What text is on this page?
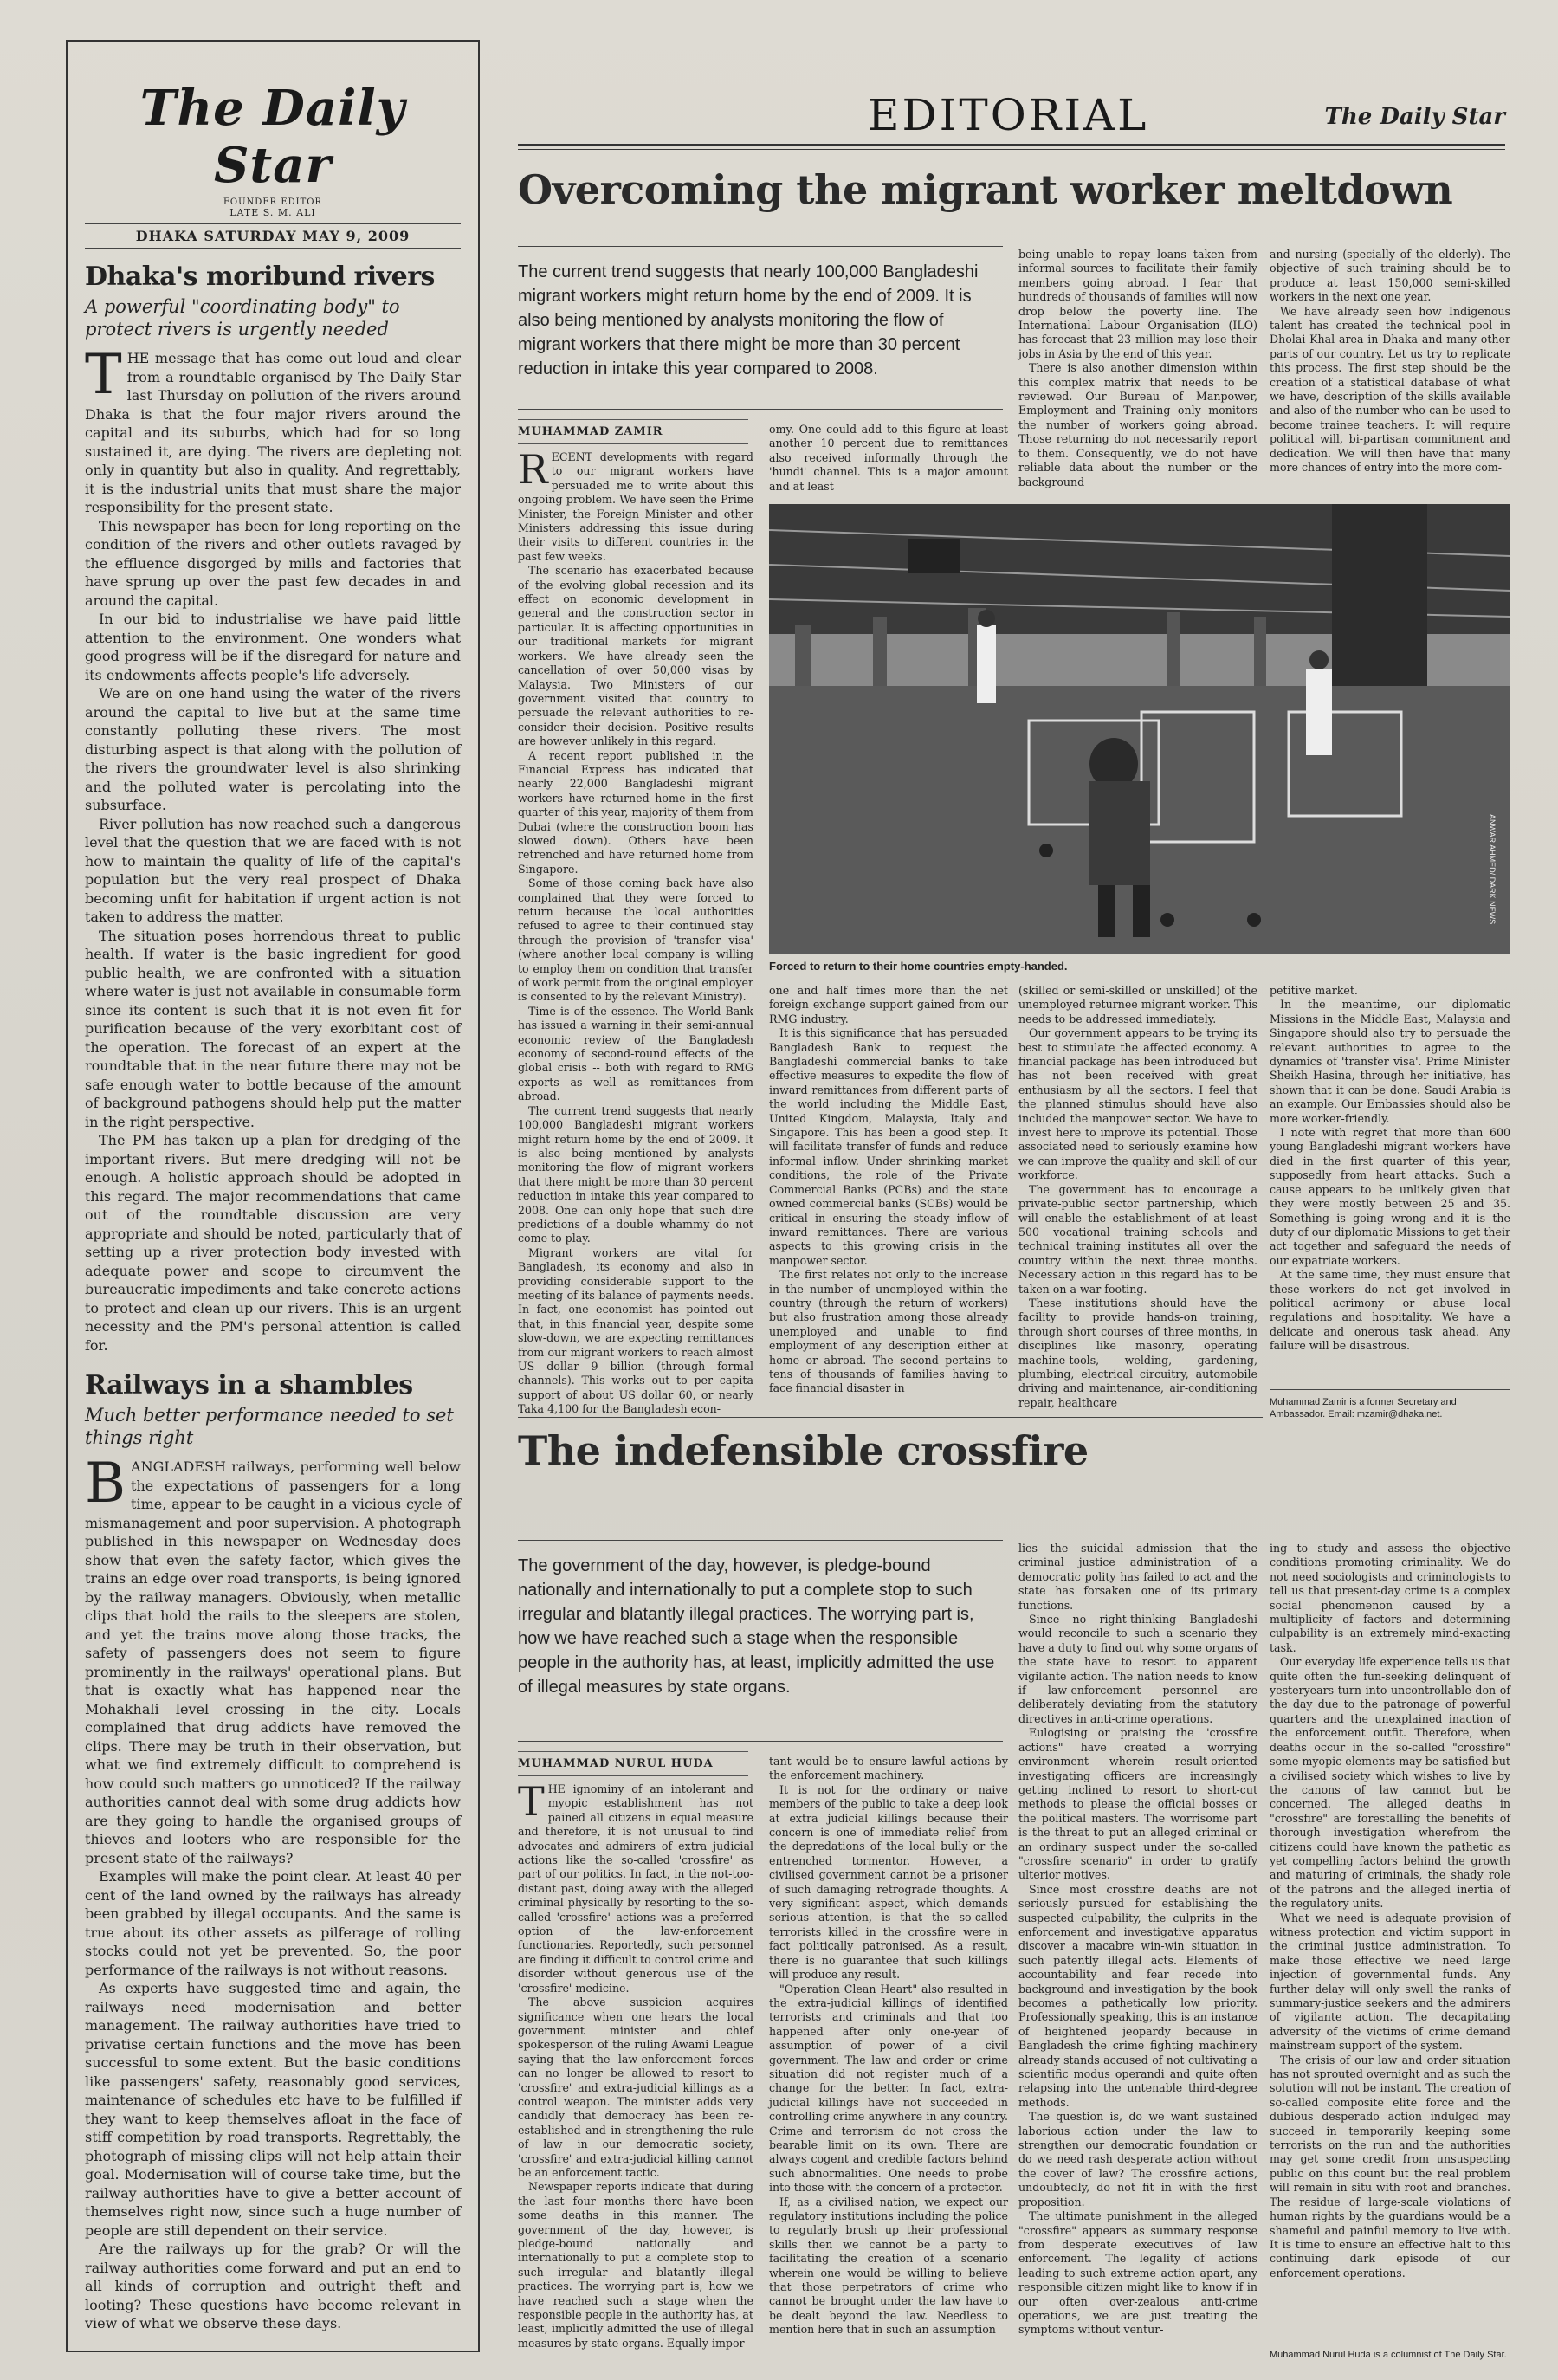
The Daily Star
FOUNDER EDITOR
LATE S. M. ALI
DHAKA SATURDAY MAY 9, 2009
Dhaka's moribund rivers
A powerful "coordinating body" to protect rivers is urgently needed

THE message that has come out loud and clear from a roundtable organised by The Daily Star last Thursday on pollution of the rivers around Dhaka is that the four major rivers around the capital and its suburbs, which had for so long sustained it, are dying. The rivers are depleting not only in quantity but also in quality. And regrettably, it is the industrial units that must share the major responsibility for the present state.

This newspaper has been for long reporting on the condition of the rivers and other outlets ravaged by the effluence disgorged by mills and factories that have sprung up over the past few decades in and around the capital.

In our bid to industrialise we have paid little attention to the environment. One wonders what good progress will be if the disregard for nature and its endowments affects people's life adversely.

We are on one hand using the water of the rivers around the capital to live but at the same time constantly polluting these rivers. The most disturbing aspect is that along with the pollution of the rivers the groundwater level is also shrinking and the polluted water is percolating into the subsurface.

River pollution has now reached such a dangerous level that the question that we are faced with is not how to maintain the quality of life of the capital's population but the very real prospect of Dhaka becoming unfit for habitation if urgent action is not taken to address the matter.

The situation poses horrendous threat to public health. If water is the basic ingredient for good public health, we are confronted with a situation where water is just not available in consumable form since its content is such that it is not even fit for purification because of the very exorbitant cost of the operation. The forecast of an expert at the roundtable that in the near future there may not be safe enough water to bottle because of the amount of background pathogens should help put the matter in the right perspective.

The PM has taken up a plan for dredging of the important rivers. But mere dredging will not be enough. A holistic approach should be adopted in this regard. The major recommendations that came out of the roundtable discussion are very appropriate and should be noted, particularly that of setting up a river protection body invested with adequate power and scope to circumvent the bureaucratic impediments and take concrete actions to protect and clean up our rivers. This is an urgent necessity and the PM's personal attention is called for.

Railways in a shambles
Much better performance needed to set things right

BANGLADESH railways, performing well below the expectations of passengers for a long time, appear to be caught in a vicious cycle of mismanagement and poor supervision. A photograph published in this newspaper on Wednesday does show that even the safety factor, which gives the trains an edge over road transports, is being ignored by the railway managers. Obviously, when metallic clips that hold the rails to the sleepers are stolen, and yet the trains move along those tracks, the safety of passengers does not seem to figure prominently in the railways' operational plans. But that is exactly what has happened near the Mohakhali level crossing in the city. Locals complained that drug addicts have removed the clips. There may be truth in their observation, but what we find extremely difficult to comprehend is how could such matters go unnoticed? If the railway authorities cannot deal with some drug addicts how are they going to handle the organised groups of thieves and looters who are responsible for the present state of the railways?

Examples will make the point clear. At least 40 per cent of the land owned by the railways has already been grabbed by illegal occupants. And the same is true about its other assets as pilferage of rolling stocks could not yet be prevented. So, the poor performance of the railways is not without reasons.

As experts have suggested time and again, the railways need modernisation and better management. The railway authorities have tried to privatise certain functions and the move has been successful to some extent. But the basic conditions like passengers' safety, reasonably good services, maintenance of schedules etc have to be fulfilled if they want to keep themselves afloat in the face of stiff competition by road transports. Regrettably, the photograph of missing clips will not help attain their goal. Modernisation will of course take time, but the railway authorities have to give a better account of themselves right now, since such a huge number of people are still dependent on their service.

Are the railways up for the grab? Or will the railway authorities come forward and put an end to all kinds of corruption and outright theft and looting? These questions have become relevant in view of what we observe these days.

EDITORIAL	The Daily Star
Overcoming the migrant worker meltdown
The current trend suggests that nearly 100,000 Bangladeshi migrant workers might return home by the end of 2009. It is also being mentioned by analysts monitoring the flow of migrant workers that there might be more than 30 percent reduction in intake this year compared to 2008.
MUHAMMAD ZAMIR

RECENT developments with regard to our migrant workers have persuaded me to write about this ongoing problem. We have seen the Prime Minister, the Foreign Minister and other Ministers addressing this issue during their visits to different countries in the past few weeks.

The scenario has exacerbated because of the evolving global recession and its effect on economic development in general and the construction sector in particular. It is affecting opportunities in our traditional markets for migrant workers. We have already seen the cancellation of over 50,000 visas by Malaysia. Two Ministers of our government visited that country to persuade the relevant authorities to re-consider their decision. Positive results are however unlikely in this regard.

A recent report published in the Financial Express has indicated that nearly 22,000 Bangladeshi migrant workers have returned home in the first quarter of this year, majority of them from Dubai (where the construction boom has slowed down). Others have been retrenched and have returned home from Singapore.

Some of those coming back have also complained that they were forced to return because the local authorities refused to agree to their continued stay through the provision of 'transfer visa' (where another local company is willing to employ them on condition that transfer of work permit from the original employer is consented to by the relevant Ministry).

Time is of the essence. The World Bank has issued a warning in their semi-annual economic review of the Bangladesh economy of second-round effects of the global crisis -- both with regard to RMG exports as well as remittances from abroad.

The current trend suggests that nearly 100,000 Bangladeshi migrant workers might return home by the end of 2009. It is also being mentioned by analysts monitoring the flow of migrant workers that there might be more than 30 percent reduction in intake this year compared to 2008. One can only hope that such dire predictions of a double whammy do not come to play.

Migrant workers are vital for Bangladesh, its economy and also in providing considerable support to the meeting of its balance of payments needs. In fact, one economist has pointed out that, in this financial year, despite some slow-down, we are expecting remittances from our migrant workers to reach almost US dollar 9 billion (through formal channels). This works out to per capita support of about US dollar 60, or nearly Taka 4,100 for the Bangladesh econ-

omy. One could add to this figure at least another 10 percent due to remittances also received informally through the 'hundi' channel. This is a major amount and at least

being unable to repay loans taken from informal sources to facilitate their family members going abroad. I fear that hundreds of thousands of families will now drop below the poverty line. The International Labour Organisation (ILO) has forecast that 23 million may lose their jobs in Asia by the end of this year.

There is also another dimension within this complex matrix that needs to be reviewed. Our Bureau of Manpower, Employment and Training only monitors the number of workers going abroad. Those returning do not necessarily report to them. Consequently, we do not have reliable data about the number or the background

and nursing (specially of the elderly). The objective of such training should be to produce at least 150,000 semi-skilled workers in the next one year.

We have already seen how Indigenous talent has created the technical pool in Dholai Khal area in Dhaka and many other parts of our country. Let us try to replicate this process. The first step should be the creation of a statistical database of what we have, description of the skills available and also of the number who can be used to become trainee teachers. It will require political will, bi-partisan commitment and dedication. We will then have that many more chances of entry into the more com-

ANWAR AHMED/ DARK NEWS
Forced to return to their home countries empty-handed.

one and half times more than the net foreign exchange support gained from our RMG industry.

It is this significance that has persuaded Bangladesh Bank to request the Bangladeshi commercial banks to take effective measures to expedite the flow of inward remittances from different parts of the world including the Middle East, United Kingdom, Malaysia, Italy and Singapore. This has been a good step. It will facilitate transfer of funds and reduce informal inflow. Under shrinking market conditions, the role of the Private Commercial Banks (PCBs) and the state owned commercial banks (SCBs) would be critical in ensuring the steady inflow of inward remittances. There are various aspects to this growing crisis in the manpower sector.

The first relates not only to the increase in the number of unemployed within the country (through the return of workers) but also frustration among those already unemployed and unable to find employment of any description either at home or abroad. The second pertains to tens of thousands of families having to face financial disaster in

(skilled or semi-skilled or unskilled) of the unemployed returnee migrant worker. This needs to be addressed immediately.

Our government appears to be trying its best to stimulate the affected economy. A financial package has been introduced but has not been received with great enthusiasm by all the sectors. I feel that the planned stimulus should have also included the manpower sector. We have to invest here to improve its potential. Those associated need to seriously examine how we can improve the quality and skill of our workforce.

The government has to encourage a private-public sector partnership, which will enable the establishment of at least 500 vocational training schools and technical training institutes all over the country within the next three months. Necessary action in this regard has to be taken on a war footing.

These institutions should have the facility to provide hands-on training, through short courses of three months, in disciplines like masonry, operating machine-tools, welding, gardening, plumbing, electrical circuitry, automobile driving and maintenance, air-conditioning repair, healthcare

petitive market.

In the meantime, our diplomatic Missions in the Middle East, Malaysia and Singapore should also try to persuade the relevant authorities to agree to the dynamics of 'transfer visa'. Prime Minister Sheikh Hasina, through her initiative, has shown that it can be done. Saudi Arabia is an example. Our Embassies should also be more worker-friendly.

I note with regret that more than 600 young Bangladeshi migrant workers have died in the first quarter of this year, supposedly from heart attacks. Such a cause appears to be unlikely given that they were mostly between 25 and 35. Something is going wrong and it is the duty of our diplomatic Missions to get their act together and safeguard the needs of our expatriate workers.

At the same time, they must ensure that these workers do not get involved in political acrimony or abuse local regulations and hospitality. We have a delicate and onerous task ahead. Any failure will be disastrous.

Muhammad Zamir is a former Secretary and Ambassador. Email: mzamir@dhaka.net.
The indefensible crossfire
The government of the day, however, is pledge-bound nationally and internationally to put a complete stop to such irregular and blatantly illegal practices. The worrying part is, how we have reached such a stage when the responsible people in the authority has, at least, implicitly admitted the use of illegal measures by state organs.
MUHAMMAD NURUL HUDA

THE ignominy of an intolerant and myopic establishment has not pained all citizens in equal measure and therefore, it is not unusual to find advocates and admirers of extra judicial actions like the so-called 'crossfire' as part of our politics. In fact, in the not-too-distant past, doing away with the alleged criminal physically by resorting to the so-called 'crossfire' actions was a preferred option of the law-enforcement functionaries. Reportedly, such personnel are finding it difficult to control crime and disorder without generous use of the 'crossfire' medicine.

The above suspicion acquires significance when one hears the local government minister and chief spokesperson of the ruling Awami League saying that the law-enforcement forces can no longer be allowed to resort to 'crossfire' and extra-judicial killings as a control weapon. The minister adds very candidly that democracy has been re-established and in strengthening the rule of law in our democratic society, 'crossfire' and extra-judicial killing cannot be an enforcement tactic.

Newspaper reports indicate that during the last four months there have been some deaths in this manner. The government of the day, however, is pledge-bound nationally and internationally to put a complete stop to such irregular and blatantly illegal practices. The worrying part is, how we have reached such a stage when the responsible people in the authority has, at least, implicitly admitted the use of illegal measures by state organs. Equally impor-

tant would be to ensure lawful actions by the enforcement machinery.

It is not for the ordinary or naive members of the public to take a deep look at extra judicial killings because their concern is one of immediate relief from the depredations of the local bully or the entrenched tormentor. However, a civilised government cannot be a prisoner of such damaging retrograde thoughts. A very significant aspect, which demands serious attention, is that the so-called terrorists killed in the crossfire were in fact politically patronised. As a result, there is no guarantee that such killings will produce any result.

"Operation Clean Heart" also resulted in the extra-judicial killings of identified terrorists and criminals and that too happened after only one-year of assumption of power of a civil government. The law and order or crime situation did not register much of a change for the better. In fact, extra-judicial killings have not succeeded in controlling crime anywhere in any country. Crime and terrorism do not cross the bearable limit on its own. There are always cogent and credible factors behind such abnormalities. One needs to probe into those with the concern of a protector.

If, as a civilised nation, we expect our regulatory institutions including the police to regularly brush up their professional skills then we cannot be a party to facilitating the creation of a scenario wherein one would be willing to believe that those perpetrators of crime who cannot be brought under the law have to be dealt beyond the law. Needless to mention here that in such an assumption

lies the suicidal admission that the criminal justice administration of a democratic polity has failed to act and the state has forsaken one of its primary functions.

Since no right-thinking Bangladeshi would reconcile to such a scenario they have a duty to find out why some organs of the state have to resort to apparent vigilante action. The nation needs to know if law-enforcement personnel are deliberately deviating from the statutory directives in anti-crime operations.

Eulogising or praising the "crossfire actions" have created a worrying environment wherein result-oriented investigating officers are increasingly getting inclined to resort to short-cut methods to please the official bosses or the political masters. The worrisome part is the threat to put an alleged criminal or an ordinary suspect under the so-called "crossfire scenario" in order to gratify ulterior motives.

Since most crossfire deaths are not seriously pursued for establishing the suspected culpability, the culprits in the enforcement and investigative apparatus discover a macabre win-win situation in such patently illegal acts. Elements of accountability and fear recede into background and investigation by the book becomes a pathetically low priority. Professionally speaking, this is an instance of heightened jeopardy because in Bangladesh the crime fighting machinery already stands accused of not cultivating a scientific modus operandi and quite often relapsing into the untenable third-degree methods.

The question is, do we want sustained laborious action under the law to strengthen our democratic foundation or do we need rash desperate action without the cover of law? The crossfire actions, undoubtedly, do not fit in with the first proposition.

The ultimate punishment in the alleged "crossfire" appears as summary response from desperate executives of law enforcement. The legality of actions leading to such extreme action apart, any responsible citizen might like to know if in our often over-zealous anti-crime operations, we are just treating the symptoms without ventur-

ing to study and assess the objective conditions promoting criminality. We do not need sociologists and criminologists to tell us that present-day crime is a complex social phenomenon caused by a multiplicity of factors and determining culpability is an extremely mind-exacting task.

Our everyday life experience tells us that quite often the fun-seeking delinquent of yesteryears turn into uncontrollable don of the day due to the patronage of powerful quarters and the unexplained inaction of the enforcement outfit. Therefore, when deaths occur in the so-called "crossfire" some myopic elements may be satisfied but a civilised society which wishes to live by the canons of law cannot but be concerned. The alleged deaths in "crossfire" are forestalling the benefits of thorough investigation wherefrom the citizens could have known the pathetic as yet compelling factors behind the growth and maturing of criminals, the shady role of the patrons and the alleged inertia of the regulatory units.

What we need is adequate provision of witness protection and victim support in the criminal justice administration. To make those effective we need large injection of governmental funds. Any further delay will only swell the ranks of summary-justice seekers and the admirers of vigilante action. The decapitating adversity of the victims of crime demand mainstream support of the system.

The crisis of our law and order situation has not sprouted overnight and as such the solution will not be instant. The creation of so-called composite elite force and the dubious desperado action indulged may succeed in temporarily keeping some terrorists on the run and the authorities may get some credit from unsuspecting public on this count but the real problem will remain in situ with root and branches. The residue of large-scale violations of human rights by the guardians would be a shameful and painful memory to live with. It is time to ensure an effective halt to this continuing dark episode of our enforcement operations.

Muhammad Nurul Huda is a columnist of The Daily Star.
